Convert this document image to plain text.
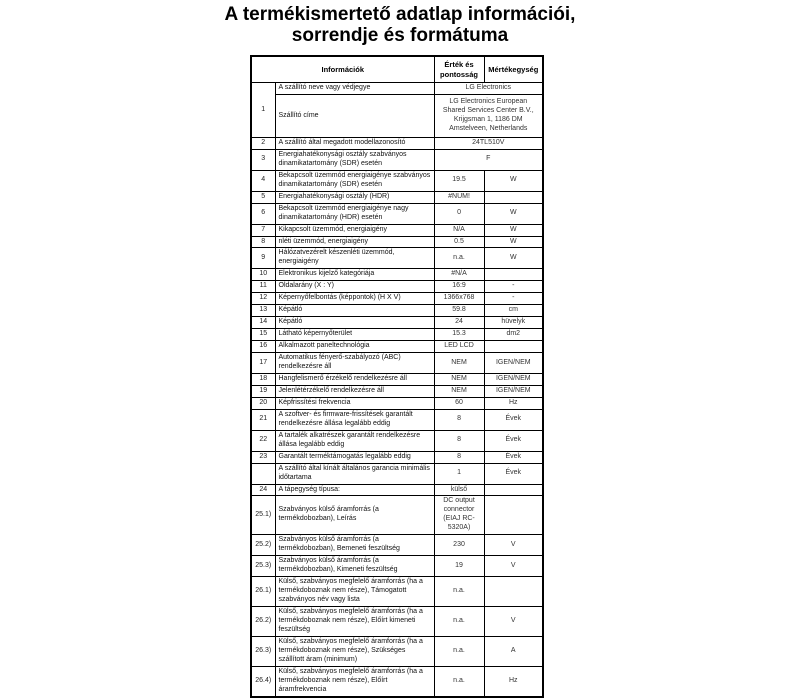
A termékismertető adatlap információi,
sorrendje és formátuma
Információk		Érték és pontosság	Mértékegység
1	A szállító neve vagy védjegye	LG Electronics	
	Szállító címe	LG Electronics European Shared Services Center B.V., Krijgsman 1, 1186 DM Amstelveen, Netherlands	
2	A szállító által megadott modellazonosító	24TL510V	
3	Energiahatékonysági osztály szabványos dinamikatartomány (SDR) esetén	F	
4	Bekapcsolt üzemmód energiaigénye szabványos dinamikatartomány (SDR) esetén	19.5	W
5	Energiahatékonysági osztály (HDR)	#NUM!	
6	Bekapcsolt üzemmód energiaigénye nagy dinamikatartomány (HDR) esetén	0	W
7	Kikapcsolt üzemmód, energiaigény	N/A	W
8	nléti üzemmód, energiaigény	0.5	W
9	Hálózatvezérelt készenléti üzemmód, energiaigény	n.a.	W
10	Elektronikus kijelző kategóriája	#N/A	
11	Oldalarány (X : Y)	16:9	-
12	Képernyőfelbontás (képpontok) (H X V)	1366x768	-
13	Képátló	59.8	cm
14	Képátló	24	hüvelyk
15	Látható képernyőterület	15.3	dm2
16	Alkalmazott paneltechnológia	LED LCD	
17	Automatikus fényerő-szabályozó (ABC) rendelkezésre áll	NEM	IGEN/NEM
18	Hangfelismerő érzékelő rendelkezésre áll	NEM	IGEN/NEM
19	Jelenlétérzékelő rendelkezésre áll	NEM	IGEN/NEM
20	Képfrissítési frekvencia	60	Hz
21	A szoftver- és firmware-frissítések garantált rendelkezésre állása legalább eddig	8	Évek
22	A tartalék alkatrészek garantált rendelkezésre állása legalább eddig	8	Évek
23	Garantált terméktámogatás legalább eddig	8	Évek
	A szállító által kínált általános garancia minimális időtartama	1	Évek
24	A tápegység típusa:	külső	
25.1)	Szabványos külső áramforrás (a termékdobozban), Leírás	DC output connector (EIAJ RC-5320A)	
25.2)	Szabványos külső áramforrás (a termékdobozban), Bemeneti feszültség	230	V
25.3)	Szabványos külső áramforrás (a termékdobozban), Kimeneti feszültség	19	V
26.1)	Külső, szabványos megfelelő áramforrás (ha a termékdoboznak nem része), Támogatott szabványos név vagy lista	n.a.	
26.2)	Külső, szabványos megfelelő áramforrás (ha a termékdoboznak nem része), Előírt kimeneti feszültség	n.a.	V
26.3)	Külső, szabványos megfelelő áramforrás (ha a termékdoboznak nem része), Szükséges szállított áram (minimum)	n.a.	A
26.4)	Külső, szabványos megfelelő áramforrás (ha a termékdoboznak nem része), Előírt áramfrekvencia	n.a.	Hz
